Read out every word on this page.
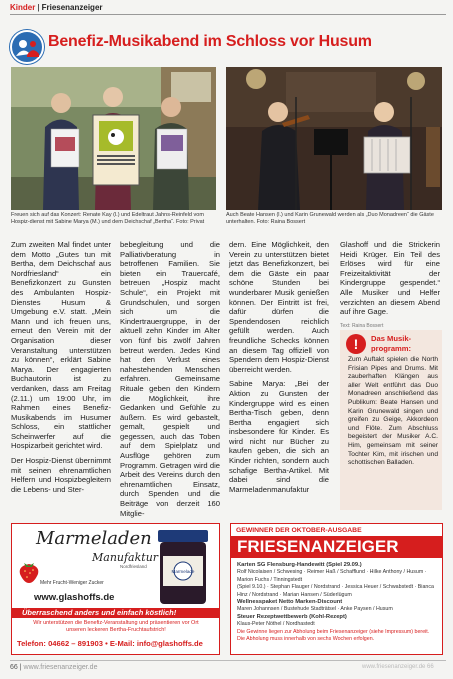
Kinder | Friesenanzeiger
Benefiz-Musikabend im Schloss vor Husum
Freuen sich auf das Konzert: Renate Kay (l.) und Edeltraut Jahns-Reinfeld vom Hospiz-dienst mit Sabine Marya (M.) und dem Deichschaf „Bertha“. Foto: Privat
Auch Beate Hansen (l.) und Karin Grunewald werden als „Duo Monadreen“ die Gäste unterhalten. Foto: Raina Bossert

Zum zweiten Mal findet unter dem Motto „Gutes tun mit Bertha, dem Deichschaf aus Nordfriesland“ ein Benefizkonzert zu Gunsten des Ambulanten Hospiz-Dienstes Husum & Umgebung e.V. statt. „Mein Mann und ich freuen uns, erneut den Verein mit der Organisation dieser Veranstaltung unterstützen zu können“, erklärt Sabine Marya. Der engagierten Buchautorin ist zu verdanken, dass am Freitag (2.11.) um 19:00 Uhr, im Rahmen eines Benefiz-Musikabends im Husumer Schloss, ein stattlicher Scheinwerfer auf die Hospizarbeit gerichtet wird.

Der Hospiz-Dienst übernimmt mit seinen ehrenamtlichen Helfern und Hospizbegleitern die Lebens- und Ster-

bebegleitung und die Palliativberatung in betroffenen Familien. Sie bieten ein Trauercafé, betreuen „Hospiz macht Schule“, ein Projekt mit Grundschulen, und sorgen sich um die Kindertrauergruppe, in der aktuell zehn Kinder im Alter von fünf bis zwölf Jahren betreut werden. Jedes Kind hat den Verlust eines nahestehenden Menschen erfahren. Gemeinsame Rituale geben den Kindern die Möglichkeit, ihre Gedanken und Gefühle zu äußern. Es wird gebastelt, gemalt, gespielt und gegessen, auch das Toben auf dem Spielplatz und Ausflüge gehören zum Programm. Getragen wird die Arbeit des Vereins durch den ehrenamtlichen Einsatz, durch Spenden und die Beiträge von derzeit 160 Mitglie-

dern. Eine Möglichkeit, den Verein zu unterstützen bietet jetzt das Benefizkonzert, bei dem die Gäste ein paar schöne Stunden bei wunderbarer Musik genießen können. Der Eintritt ist frei, dafür dürfen die Spendendosen reichlich gefüllt werden. Auch freundliche Schecks können an diesem Tag offiziell von Spendern dem Hospiz-Dienst überreicht werden.

Sabine Marya: „Bei der Aktion zu Gunsten der Kindergruppe wird es einen Bertha-Tisch geben, denn Bertha engagiert sich insbesondere für Kinder. Es wird nicht nur Bücher zu kaufen geben, die sich an Kinder richten, sondern auch schafige Bertha-Artikel. Mit dabei sind die Marmeladenmanufaktur

Glashoff und die Strickerin Heidi Krüger. Ein Teil des Erlöses wird für eine Freizeitaktivität der Kindergruppe gespendet.“ Alle Musiker und Helfer verzichten an diesem Abend auf ihre Gage.

Text: Raina Bossert
!	Das Musik-programm:
Zum Auftakt spielen die North Frisian Pipes and Drums. Mit zauberhaften Klängen aus aller Welt entführt das Duo Monadreen anschließend das Publikum: Beate Hansen und Karin Grunewald singen und greifen zu Geige, Akkordeon und Flöte. Zum Abschluss begeistert der Musiker A.C. Him, gemeinsam mit seiner Tochter Kim, mit irischen und schottischen Balladen.
Marmeladen
Manufaktur
Nordfriesland
Mehr Frucht-Weniger Zucker
Marmelade
www.glashoffs.de
Überraschend anders und einfach köstlich!
Wir unterstützen die Benefiz-Veranstaltung und präsentieren vor Ort unseren leckeren Bertha-Fruchtaufstrich!
Telefon: 04662 – 891903 • E-Mail: info@glashoffs.de
GEWINNER DER OKTOBER-AUSGABE
FRIESENANZEIGER
Karten SG Flensburg-Handewitt (Spiel 29.09.)
Rolf Nicolaisen / Schwesing · Reimer Haß / Schafflund · Hilke Anthony / Husum · Marion Fuchs / Tinningstedt
(Spiel 9.10.) · Stephan Flauger / Nordstrand · Jessica Heuer / Schwabstedt · Bianca Hinz / Nordstrand · Marian Hansen / Süderlügum
Wellnesspaket Netto Marken-Discount
Maren Johannsen / Bustehude Stadträtsel · Anke Paysen / Husum
Steuer Rezeptwettbewerb (Kohl-Rezept)
Klaus-Peter Nöthel / Nordhastedt
Die Gewinne liegen zur Abholung beim Friesenanzeiger (siehe Impressum) bereit. Die Abholung muss innerhalb von sechs Wochen erfolgen.
66 | www.friesenanzeiger.de	www.friesenanzeiger.de 66
